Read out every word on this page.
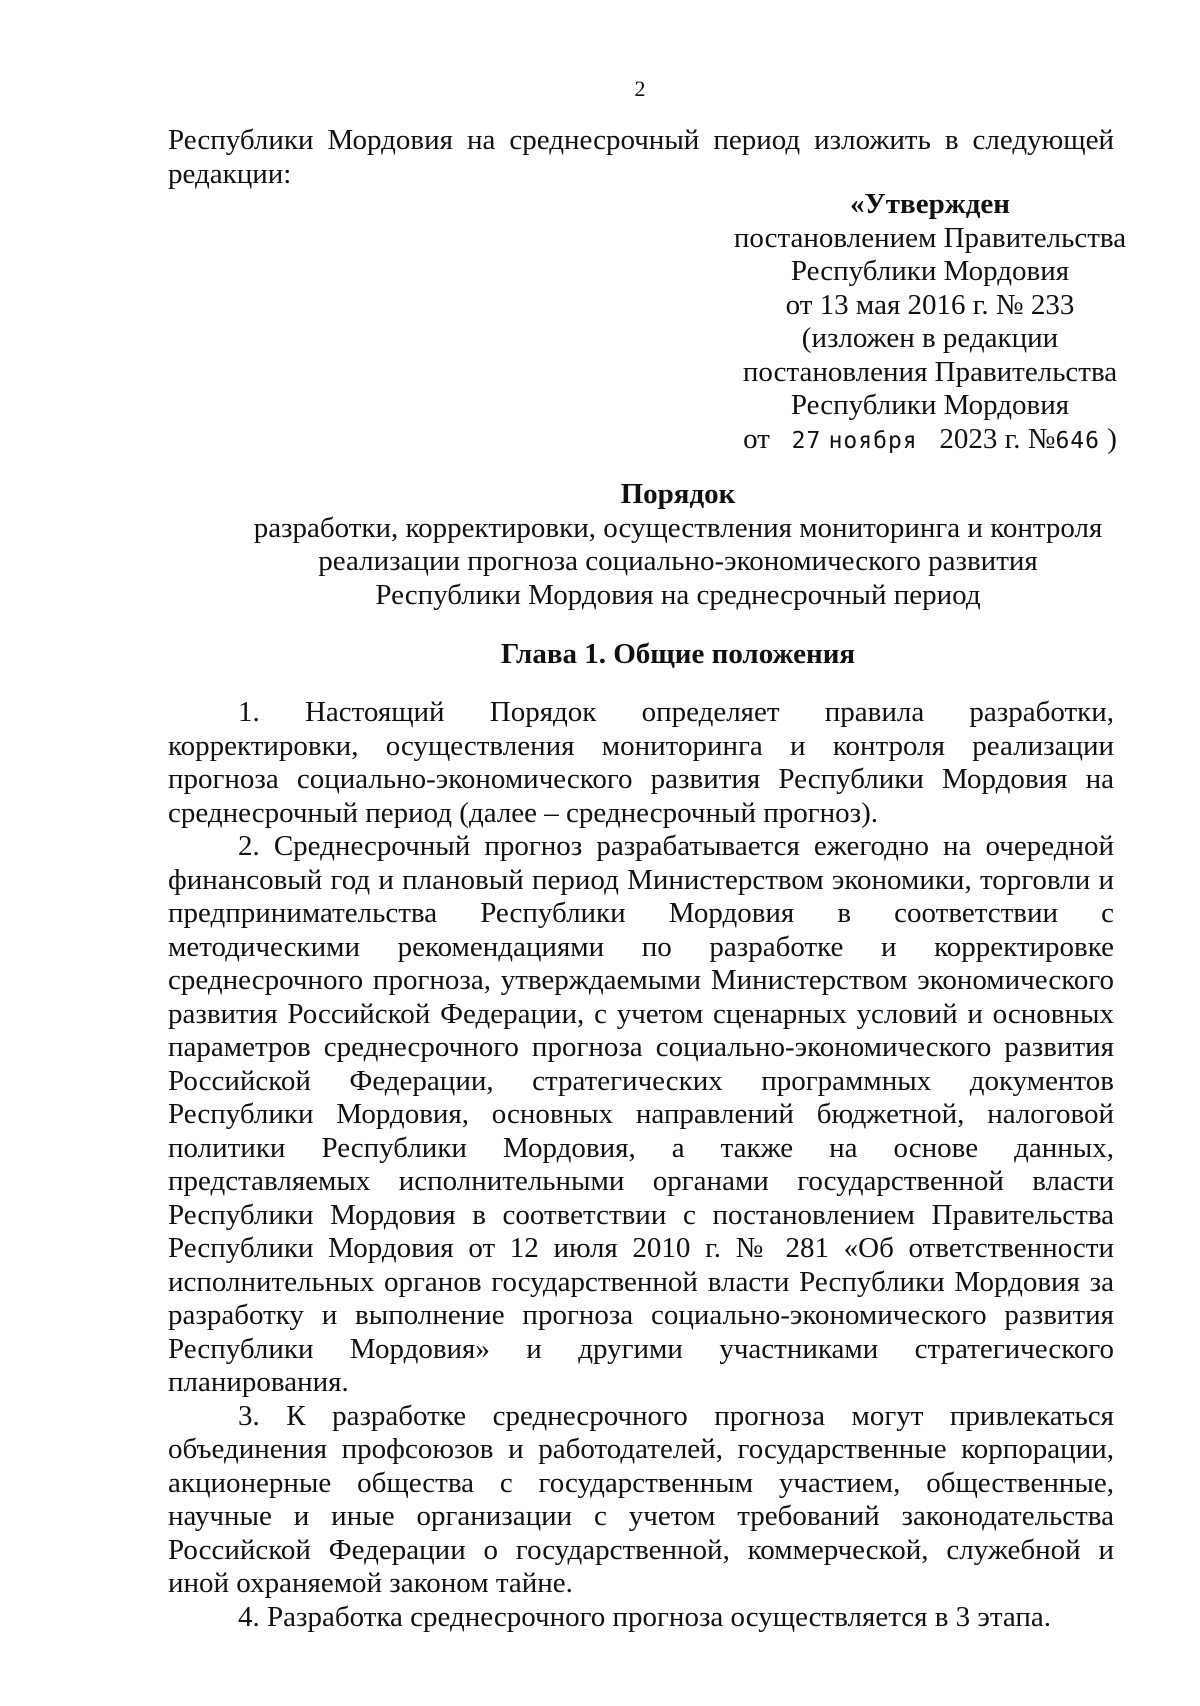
2

Республики Мордовия на среднесрочный период изложить в следующей редакции:

«Утвержден
постановлением Правительства
Республики Мордовия
от 13 мая 2016 г. № 233
(изложен в редакции
постановления Правительства
Республики Мордовия
от 27 ноября 2023 г. №646 )
Порядок
разработки, корректировки, осуществления мониторинга и контроля
реализации прогноза социально-экономического развития
Республики Мордовия на среднесрочный период
Глава 1. Общие положения

1. Настоящий Порядок определяет правила разработки, корректировки, осуществления мониторинга и контроля реализации прогноза социально-экономического развития Республики Мордовия на среднесрочный период (далее – среднесрочный прогноз).

2. Среднесрочный прогноз разрабатывается ежегодно на очередной финансовый год и плановый период Министерством экономики, торговли и предпринимательства Республики Мордовия в соответствии с методическими рекомендациями по разработке и корректировке среднесрочного прогноза, утверждаемыми Министерством экономического развития Российской Федерации, с учетом сценарных условий и основных параметров среднесрочного прогноза социально-экономического развития Российской Федерации, стратегических программных документов Республики Мордовия, основных направлений бюджетной, налоговой политики Республики Мордовия, а также на основе данных, представляемых исполнительными органами государственной власти Республики Мордовия в соответствии с постановлением Правительства Республики Мордовия от 12 июля 2010 г. № 281 «Об ответственности исполнительных органов государственной власти Республики Мордовия за разработку и выполнение прогноза социально-экономического развития Республики Мордовия» и другими участниками стратегического планирования.

3. К разработке среднесрочного прогноза могут привлекаться объединения профсоюзов и работодателей, государственные корпорации, акционерные общества с государственным участием, общественные, научные и иные организации с учетом требований законодательства Российской Федерации о государственной, коммерческой, служебной и иной охраняемой законом тайне.

4. Разработка среднесрочного прогноза осуществляется в 3 этапа.
